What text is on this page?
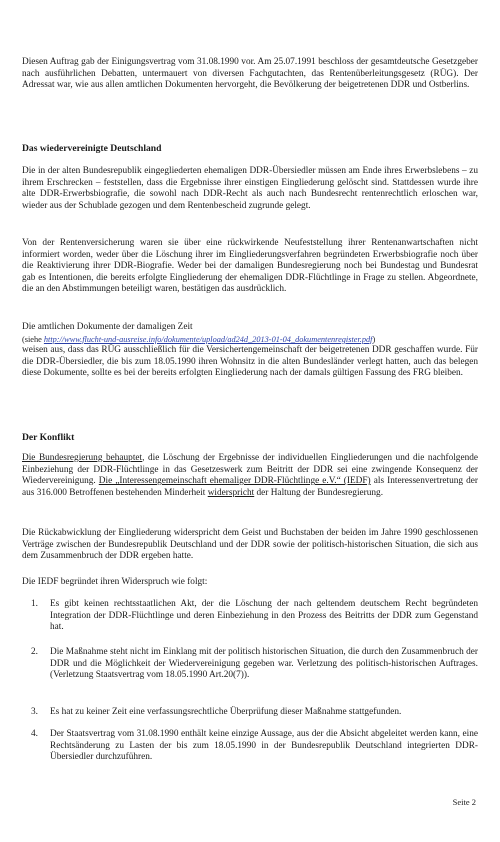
Diesen Auftrag gab der Einigungsvertrag vom 31.08.1990 vor. Am 25.07.1991 beschloss der gesamtdeutsche Gesetzgeber nach ausführlichen Debatten, untermauert von diversen Fachgutachten, das Rentenüberleitungsgesetz (RÜG). Der Adressat war, wie aus allen amtlichen Dokumenten hervorgeht, die Bevölkerung der beigetretenen DDR und Ostberlins.

Das wiedervereinigte Deutschland

Die in der alten Bundesrepublik eingegliederten ehemaligen DDR-Übersiedler müssen am Ende ihres Erwerbslebens – zu ihrem Erschrecken – feststellen, dass die Ergebnisse ihrer einstigen Eingliederung gelöscht sind. Stattdessen wurde ihre alte DDR-Erwerbsbiografie, die sowohl nach DDR-Recht als auch nach Bundesrecht rentenrechtlich erloschen war, wieder aus der Schublade gezogen und dem Rentenbescheid zugrunde gelegt.

Von der Rentenversicherung waren sie über eine rückwirkende Neufeststellung ihrer Rentenanwartschaften nicht informiert worden, weder über die Löschung ihrer im Eingliederungsverfahren begründeten Erwerbsbiografie noch über die Reaktivierung ihrer DDR-Biografie. Weder bei der damaligen Bundesregierung noch bei Bundestag und Bundesrat gab es Intentionen, die bereits erfolgte Eingliederung der ehemaligen DDR-Flüchtlinge in Frage zu stellen. Abgeordnete, die an den Abstimmungen beteiligt waren, bestätigen das ausdrücklich.

Die amtlichen Dokumente der damaligen Zeit
(siehe http://www.flucht-und-ausreise.info/dokumente/upload/ad24d_2013-01-04_dokumentenregister.pdf)
weisen aus, dass das RÜG ausschließlich für die Versichertengemeinschaft der beigetretenen DDR geschaffen wurde. Für die DDR-Übersiedler, die bis zum 18.05.1990 ihren Wohnsitz in die alten Bundesländer verlegt hatten, auch das belegen diese Dokumente, sollte es bei der bereits erfolgten Eingliederung nach der damals gültigen Fassung des FRG bleiben.
Der Konflikt

Die Bundesregierung behauptet, die Löschung der Ergebnisse der individuellen Eingliederungen und die nachfolgende Einbeziehung der DDR-Flüchtlinge in das Gesetzeswerk zum Beitritt der DDR sei eine zwingende Konsequenz der Wiedervereinigung. Die „Interessengemeinschaft ehemaliger DDR-Flüchtlinge e.V.“ (IEDF) als Interessenvertretung der aus 316.000 Betroffenen bestehenden Minderheit widerspricht der Haltung der Bundesregierung.

Die Rückabwicklung der Eingliederung widerspricht dem Geist und Buchstaben der beiden im Jahre 1990 geschlossenen Verträge zwischen der Bundesrepublik Deutschland und der DDR sowie der politisch-historischen Situation, die sich aus dem Zusammenbruch der DDR ergeben hatte.

Die IEDF begründet ihren Widerspruch wie folgt:

1. Es gibt keinen rechtsstaatlichen Akt, der die Löschung der nach geltendem deutschem Recht begründeten Integration der DDR-Flüchtlinge und deren Einbeziehung in den Prozess des Beitritts der DDR zum Gegenstand hat.
2. Die Maßnahme steht nicht im Einklang mit der politisch historischen Situation, die durch den Zusammenbruch der DDR und die Möglichkeit der Wiedervereinigung gegeben war. Verletzung des politisch-historischen Auftrages. (Verletzung Staatsvertrag vom 18.05.1990 Art.20(7)).
3. Es hat zu keiner Zeit eine verfassungsrechtliche Überprüfung dieser Maßnahme stattgefunden.
4. Der Staatsvertrag vom 31.08.1990 enthält keine einzige Aussage, aus der die Absicht abgeleitet werden kann, eine Rechtsänderung zu Lasten der bis zum 18.05.1990 in der Bundesrepublik Deutschland integrierten DDR-Übersiedler durchzuführen.
Seite 2
